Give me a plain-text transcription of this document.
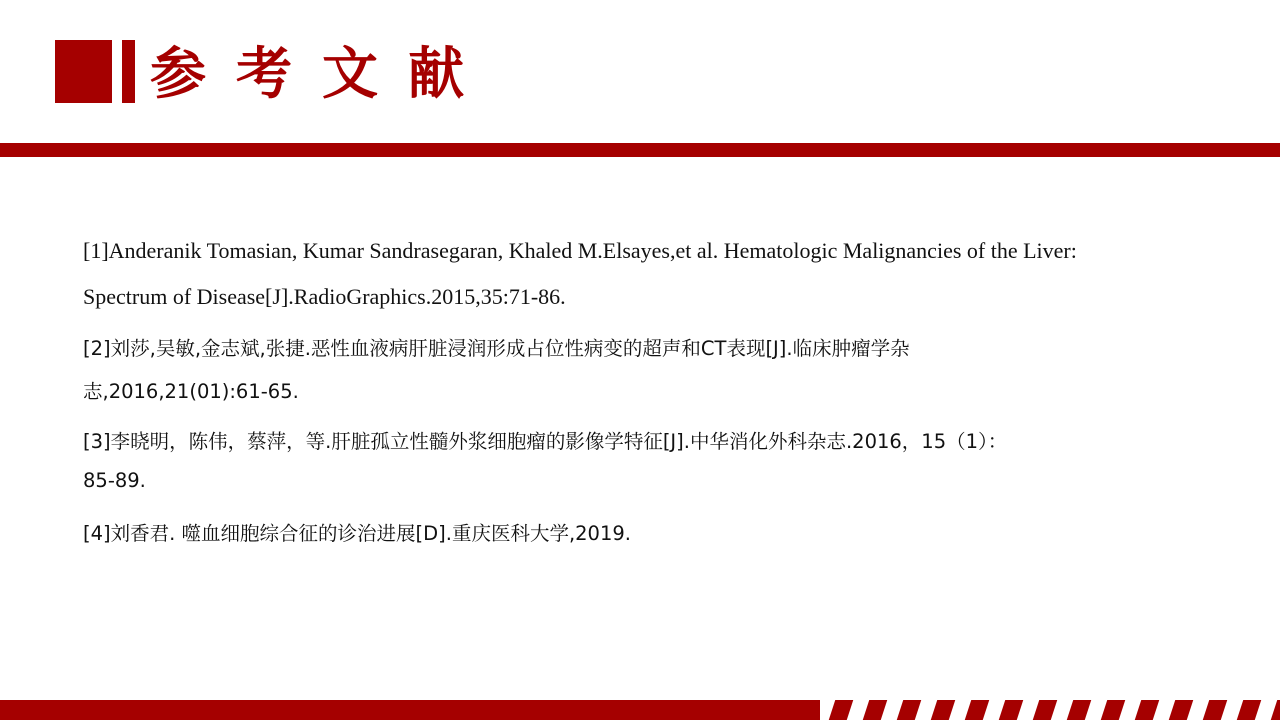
参考文献
[1]Anderanik Tomasian, Kumar Sandrasegaran, Khaled M.Elsayes,et al. Hematologic Malignancies of the Liver:
Spectrum of Disease[J].RadioGraphics.2015,35:71-86.
[2]刘莎,吴敏,金志斌,张捷.恶性血液病肝脏浸润形成占位性病变的超声和CT表现[J].临床肿瘤学杂
志,2016,21(01):61-65.
[3]李晓明，陈伟，蔡萍，等.肝脏孤立性髓外浆细胞瘤的影像学特征[J].中华消化外科杂志.2016，15（1）：
85-89.
[4]刘香君. 噬血细胞综合征的诊治进展[D].重庆医科大学,2019.
